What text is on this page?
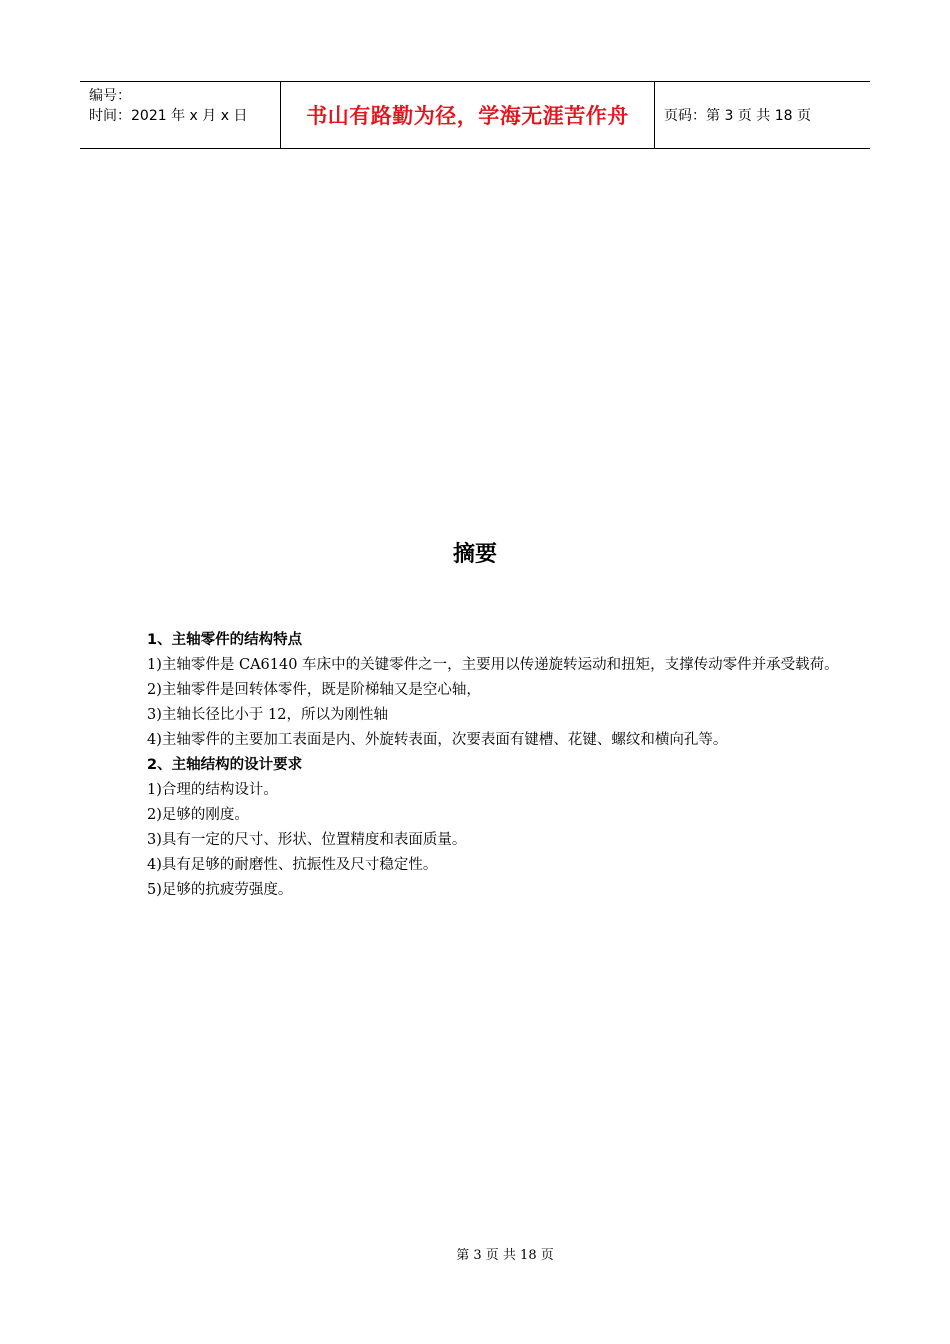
编号：
时间：2021 年 x 月 x 日	书山有路勤为径，学海无涯苦作舟	页码：第 3 页 共 18 页
摘要

1、主轴零件的结构特点

1)主轴零件是 CA6140 车床中的关键零件之一，主要用以传递旋转运动和扭矩，支撑传动零件并承受载荷。

2)主轴零件是回转体零件，既是阶梯轴又是空心轴，

3)主轴长径比小于 12，所以为刚性轴

4)主轴零件的主要加工表面是内、外旋转表面，次要表面有键槽、花键、螺纹和横向孔等。

2、主轴结构的设计要求

1)合理的结构设计。

2)足够的刚度。

3)具有一定的尺寸、形状、位置精度和表面质量。

4)具有足够的耐磨性、抗振性及尺寸稳定性。

5)足够的抗疲劳强度。

第 3 页 共 18 页
